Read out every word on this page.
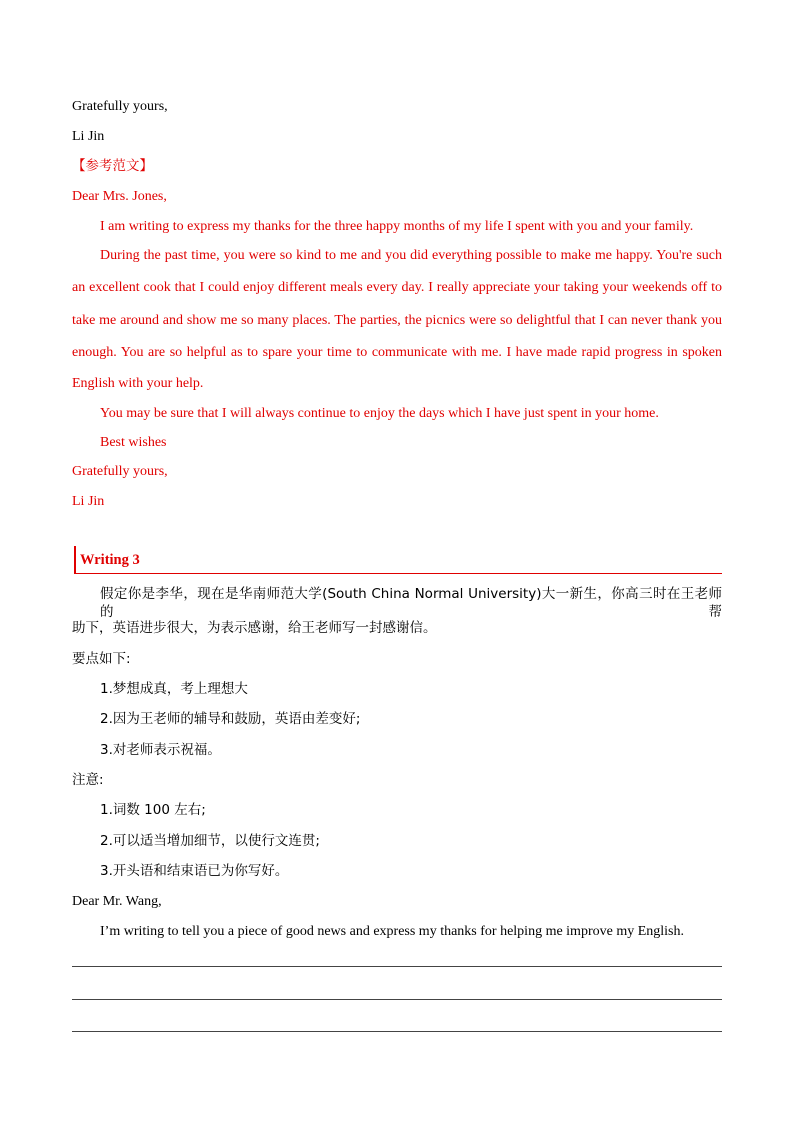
Gratefully yours,
Li Jin
【参考范文】
Dear Mrs. Jones,
I am writing to express my thanks for the three happy months of my life I spent with you and your family.
During the past time, you were so kind to me and you did everything possible to make me happy. You're such
an excellent cook that I could enjoy different meals every day. I really appreciate your taking your weekends off to
take me around and show me so many places. The parties, the picnics were so delightful that I can never thank you
enough. You are so helpful as to spare your time to communicate with me. I have made rapid progress in spoken
English with your help.
You may be sure that I will always continue to enjoy the days which I have just spent in your home.
Best wishes
Gratefully yours,
Li Jin
Writing 3
假定你是李华，现在是华南师范大学(South China Normal University)大一新生，你高三时在王老师的帮
助下，英语进步很大，为表示感谢，给王老师写一封感谢信。
要点如下:
1.梦想成真，考上理想大
2.因为王老师的辅导和鼓励，英语由差变好;
3.对老师表示祝福。
注意:
1.词数 100 左右;
2.可以适当增加细节，以使行文连贯;
3.开头语和结束语已为你写好。
Dear Mr. Wang,
I’m writing to tell you a piece of good news and express my thanks for helping me improve my English.
